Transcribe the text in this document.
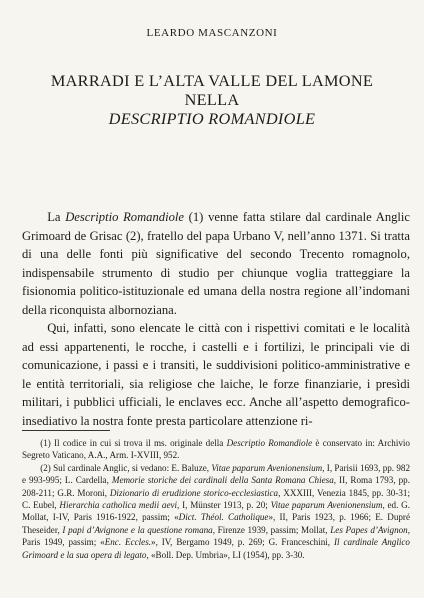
LEARDO MASCANZONI
MARRADI E L’ALTA VALLE DEL LAMONE
NELLA
DESCRIPTIO ROMANDIOLE

  La Descriptio Romandiole (1) venne fatta stilare dal cardinale Anglic Grimoard de Grisac (2), fratello del papa Urbano V, nell’anno 1371. Si tratta di una delle fonti più significative del secondo Trecento romagnolo, indispensabile strumento di studio per chiunque voglia tratteggiare la fisionomia politico-istituzionale ed umana della nostra regione all’indomani della riconquista albornoziana.

  Qui, infatti, sono elencate le città con i rispettivi comitati e le località ad essi appartenenti, le rocche, i castelli e i fortilizi, le principali vie di comunicazione, i passi e i transiti, le suddivisioni politico-amministrative e le entità territoriali, sia religiose che laiche, le forze finanziarie, i presìdi militari, i pubblici ufficiali, le enclaves ecc. Anche all’aspetto demografico-insediativo la nostra fonte presta particolare attenzione ri-

  (1) Il codice in cui si trova il ms. originale della Descriptio Romandiole è conservato in: Archivio Segreto Vaticano, A.A., Arm. I-XVIII, 952.

  (2) Sul cardinale Anglic, si vedano: E. Baluze, Vitae paparum Avenionensium, I, Parisii 1693, pp. 982 e 993-995; L. Cardella, Memorie storiche dei cardinali della Santa Romana Chiesa, II, Roma 1793, pp. 208-211; G.R. Moroni, Dizionario di erudizione storico-ecclesiastica, XXXIII, Venezia 1845, pp. 30-31; C. Eubel, Hierarchia catholica medii aevi, I, Münster 1913, p. 20; Vitae paparum Avenionensium, ed. G. Mollat, I-IV, Paris 1916-1922, passim; «Dict. Théol. Catholique», II, Paris 1923, p. 1966; E. Dupré Theseider, I papi d’Avignone e la questione romana, Firenze 1939, passim; Mollat, Les Papes d’Avignon, Paris 1949, passim; «Enc. Eccles.», IV, Bergamo 1949, p. 269; G. Franceschini, Il cardinale Anglico Grimoard e la sua opera di legato, «Boll. Dep. Umbria», LI (1954), pp. 3-30.
